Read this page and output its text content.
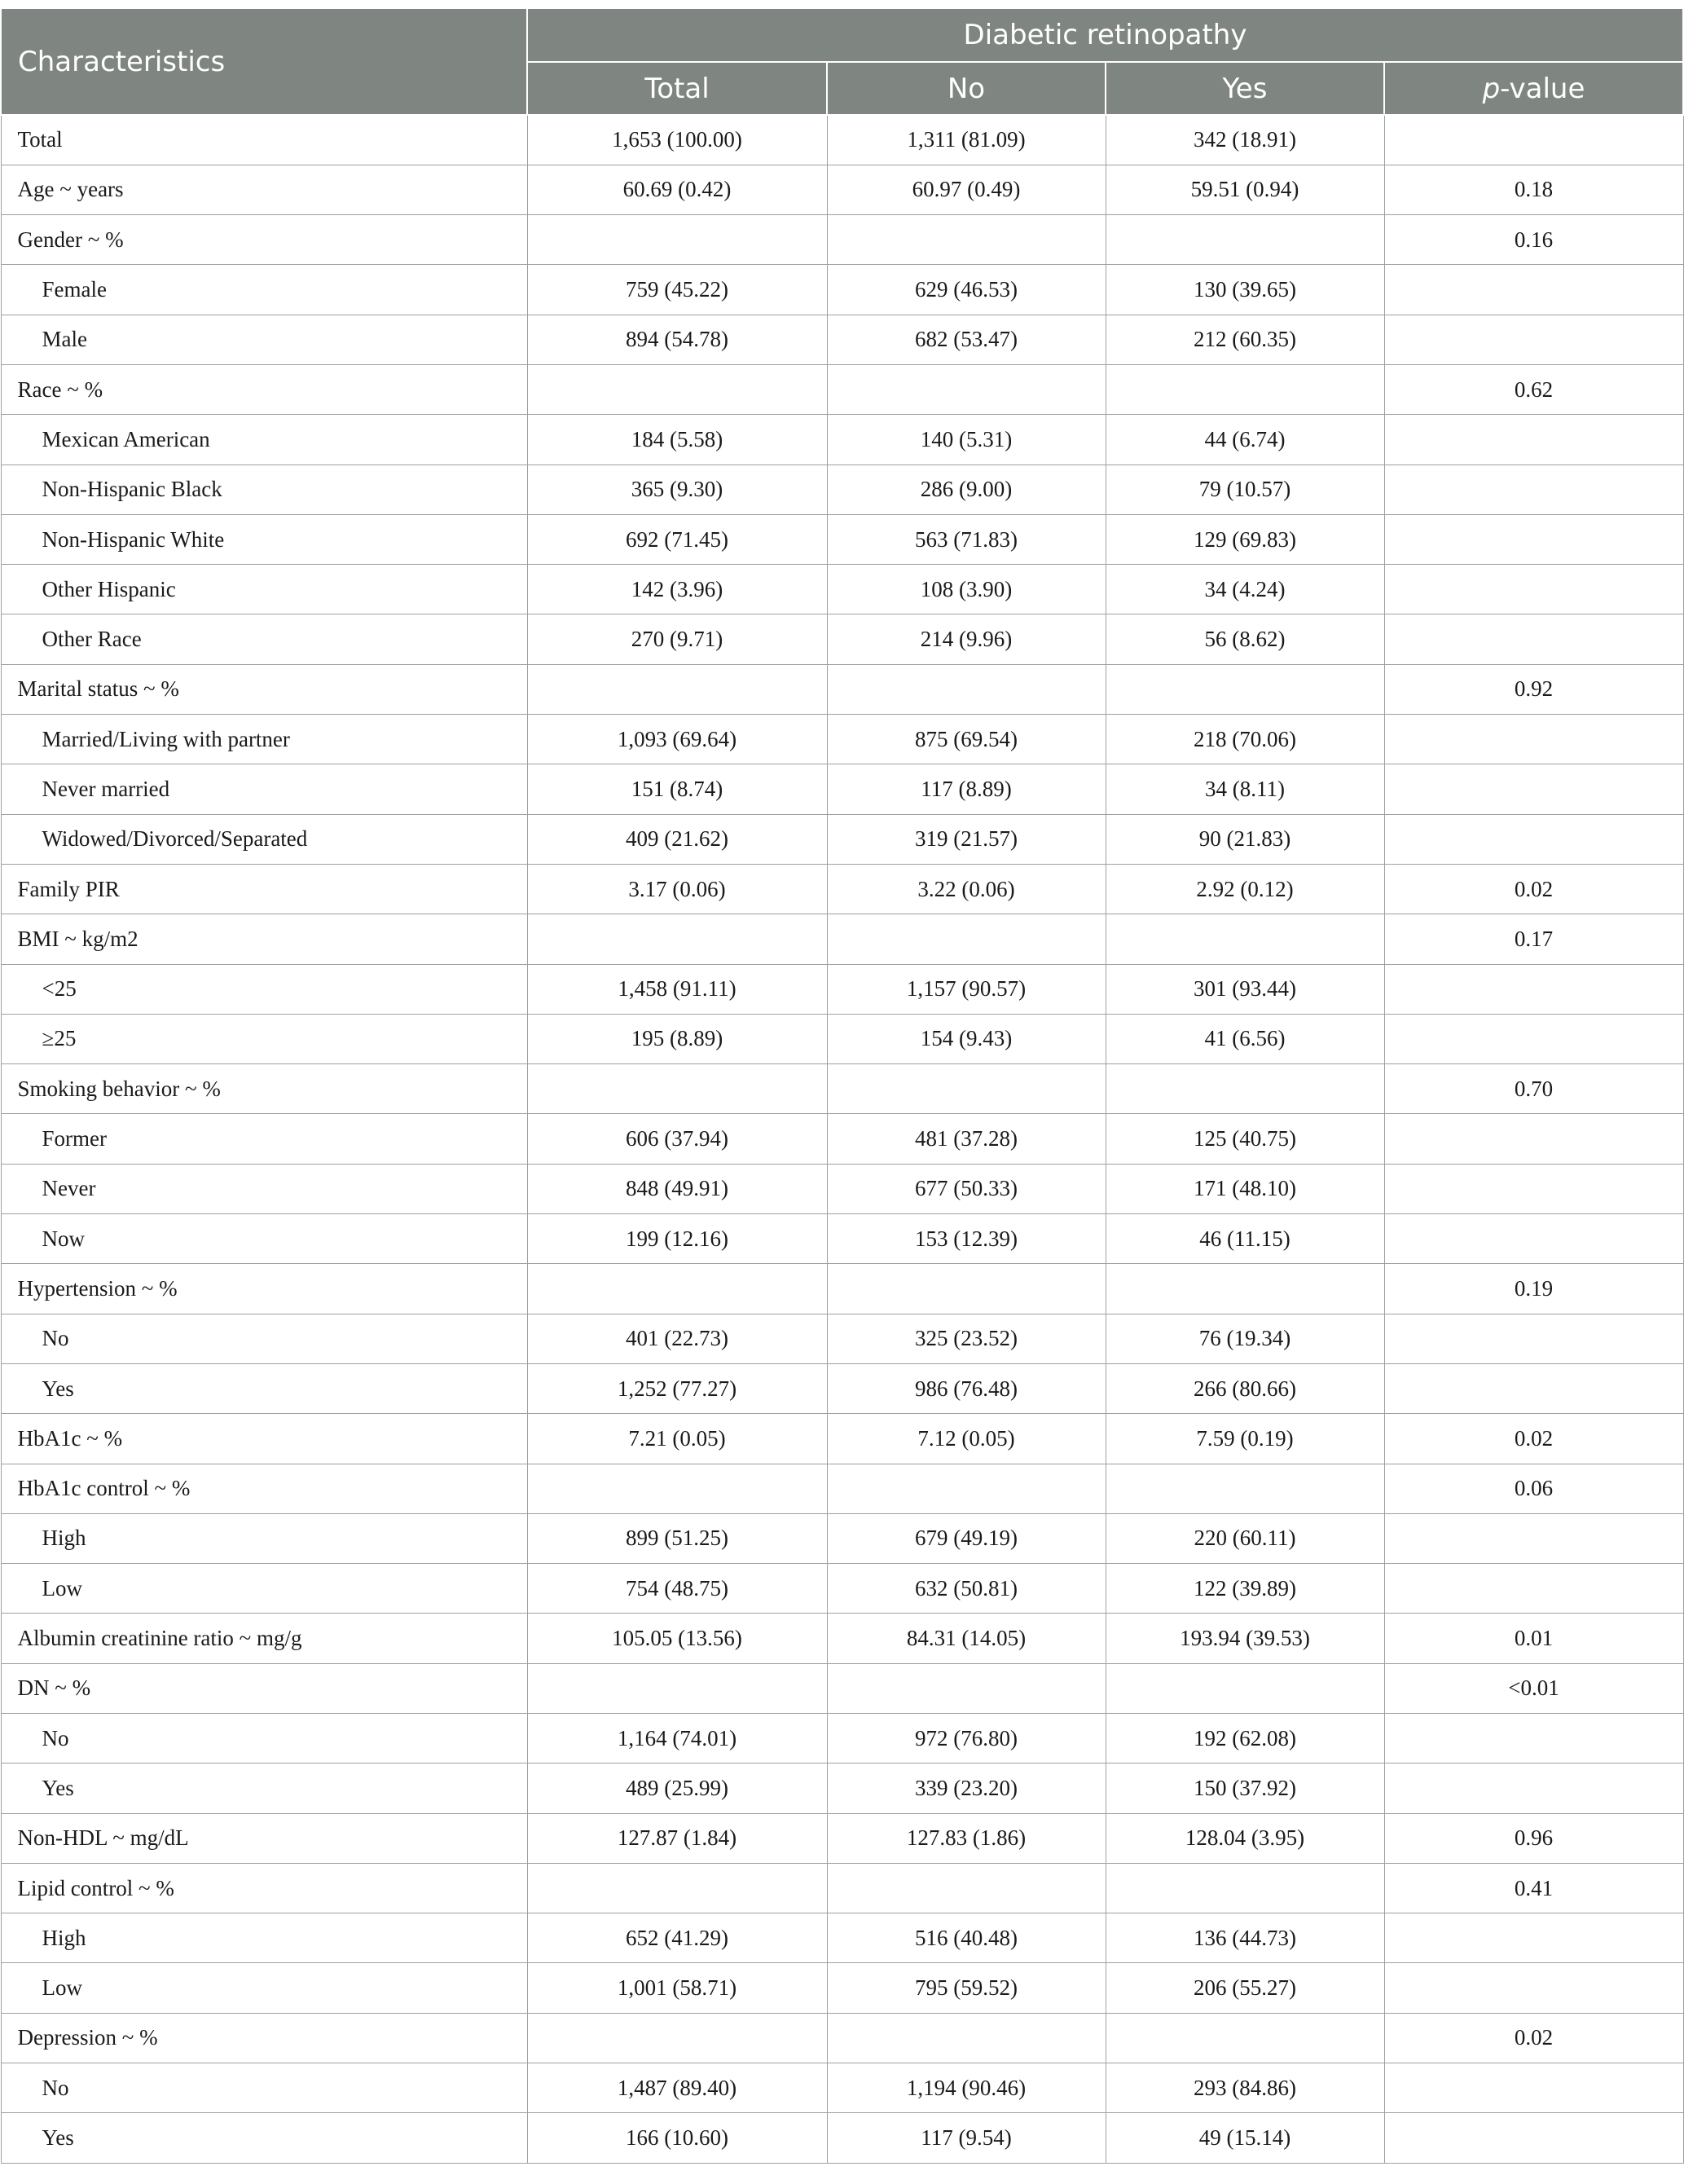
Characteristics	Diabetic retinopathy			
	Total	No	Yes	p-value
Total	1,653 (100.00)	1,311 (81.09)	342 (18.91)	
Age ~ years	60.69 (0.42)	60.97 (0.49)	59.51 (0.94)	0.18
Gender ~ %				0.16
Female	759 (45.22)	629 (46.53)	130 (39.65)	
Male	894 (54.78)	682 (53.47)	212 (60.35)	
Race ~ %				0.62
Mexican American	184 (5.58)	140 (5.31)	44 (6.74)	
Non-Hispanic Black	365 (9.30)	286 (9.00)	79 (10.57)	
Non-Hispanic White	692 (71.45)	563 (71.83)	129 (69.83)	
Other Hispanic	142 (3.96)	108 (3.90)	34 (4.24)	
Other Race	270 (9.71)	214 (9.96)	56 (8.62)	
Marital status ~ %				0.92
Married/Living with partner	1,093 (69.64)	875 (69.54)	218 (70.06)	
Never married	151 (8.74)	117 (8.89)	34 (8.11)	
Widowed/Divorced/Separated	409 (21.62)	319 (21.57)	90 (21.83)	
Family PIR	3.17 (0.06)	3.22 (0.06)	2.92 (0.12)	0.02
BMI ~ kg/m2				0.17
<25	1,458 (91.11)	1,157 (90.57)	301 (93.44)	
≥25	195 (8.89)	154 (9.43)	41 (6.56)	
Smoking behavior ~ %				0.70
Former	606 (37.94)	481 (37.28)	125 (40.75)	
Never	848 (49.91)	677 (50.33)	171 (48.10)	
Now	199 (12.16)	153 (12.39)	46 (11.15)	
Hypertension ~ %				0.19
No	401 (22.73)	325 (23.52)	76 (19.34)	
Yes	1,252 (77.27)	986 (76.48)	266 (80.66)	
HbA1c ~ %	7.21 (0.05)	7.12 (0.05)	7.59 (0.19)	0.02
HbA1c control ~ %				0.06
High	899 (51.25)	679 (49.19)	220 (60.11)	
Low	754 (48.75)	632 (50.81)	122 (39.89)	
Albumin creatinine ratio ~ mg/g	105.05 (13.56)	84.31 (14.05)	193.94 (39.53)	0.01
DN ~ %				<0.01
No	1,164 (74.01)	972 (76.80)	192 (62.08)	
Yes	489 (25.99)	339 (23.20)	150 (37.92)	
Non-HDL ~ mg/dL	127.87 (1.84)	127.83 (1.86)	128.04 (3.95)	0.96
Lipid control ~ %				0.41
High	652 (41.29)	516 (40.48)	136 (44.73)	
Low	1,001 (58.71)	795 (59.52)	206 (55.27)	
Depression ~ %				0.02
No	1,487 (89.40)	1,194 (90.46)	293 (84.86)	
Yes	166 (10.60)	117 (9.54)	49 (15.14)	
